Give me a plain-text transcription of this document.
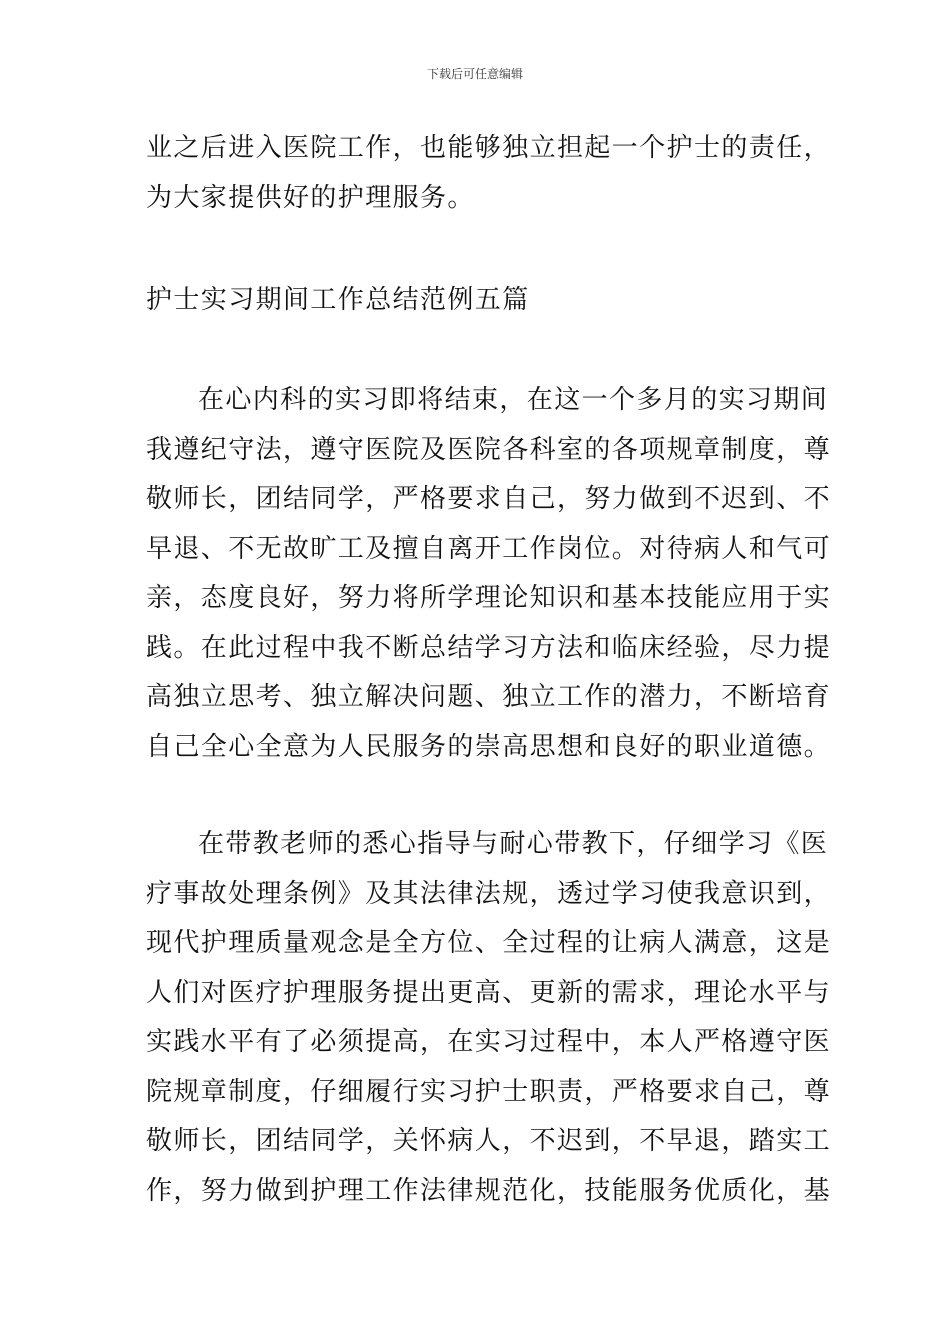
下载后可任意编辑
业之后进入医院工作，也能够独立担起一个护士的责任，
为大家提供好的护理服务。
护士实习期间工作总结范例五篇
在心内科的实习即将结束，在这一个多月的实习期间
我遵纪守法，遵守医院及医院各科室的各项规章制度，尊
敬师长，团结同学，严格要求自己，努力做到不迟到、不
早退、不无故旷工及擅自离开工作岗位。对待病人和气可
亲，态度良好，努力将所学理论知识和基本技能应用于实
践。在此过程中我不断总结学习方法和临床经验，尽力提
高独立思考、独立解决问题、独立工作的潜力，不断培育
自己全心全意为人民服务的崇高思想和良好的职业道德。
在带教老师的悉心指导与耐心带教下，仔细学习《医
疗事故处理条例》及其法律法规，透过学习使我意识到，
现代护理质量观念是全方位、全过程的让病人满意，这是
人们对医疗护理服务提出更高、更新的需求，理论水平与
实践水平有了必须提高，在实习过程中，本人严格遵守医
院规章制度，仔细履行实习护士职责，严格要求自己，尊
敬师长，团结同学，关怀病人，不迟到，不早退，踏实工
作，努力做到护理工作法律规范化，技能服务优质化，基
